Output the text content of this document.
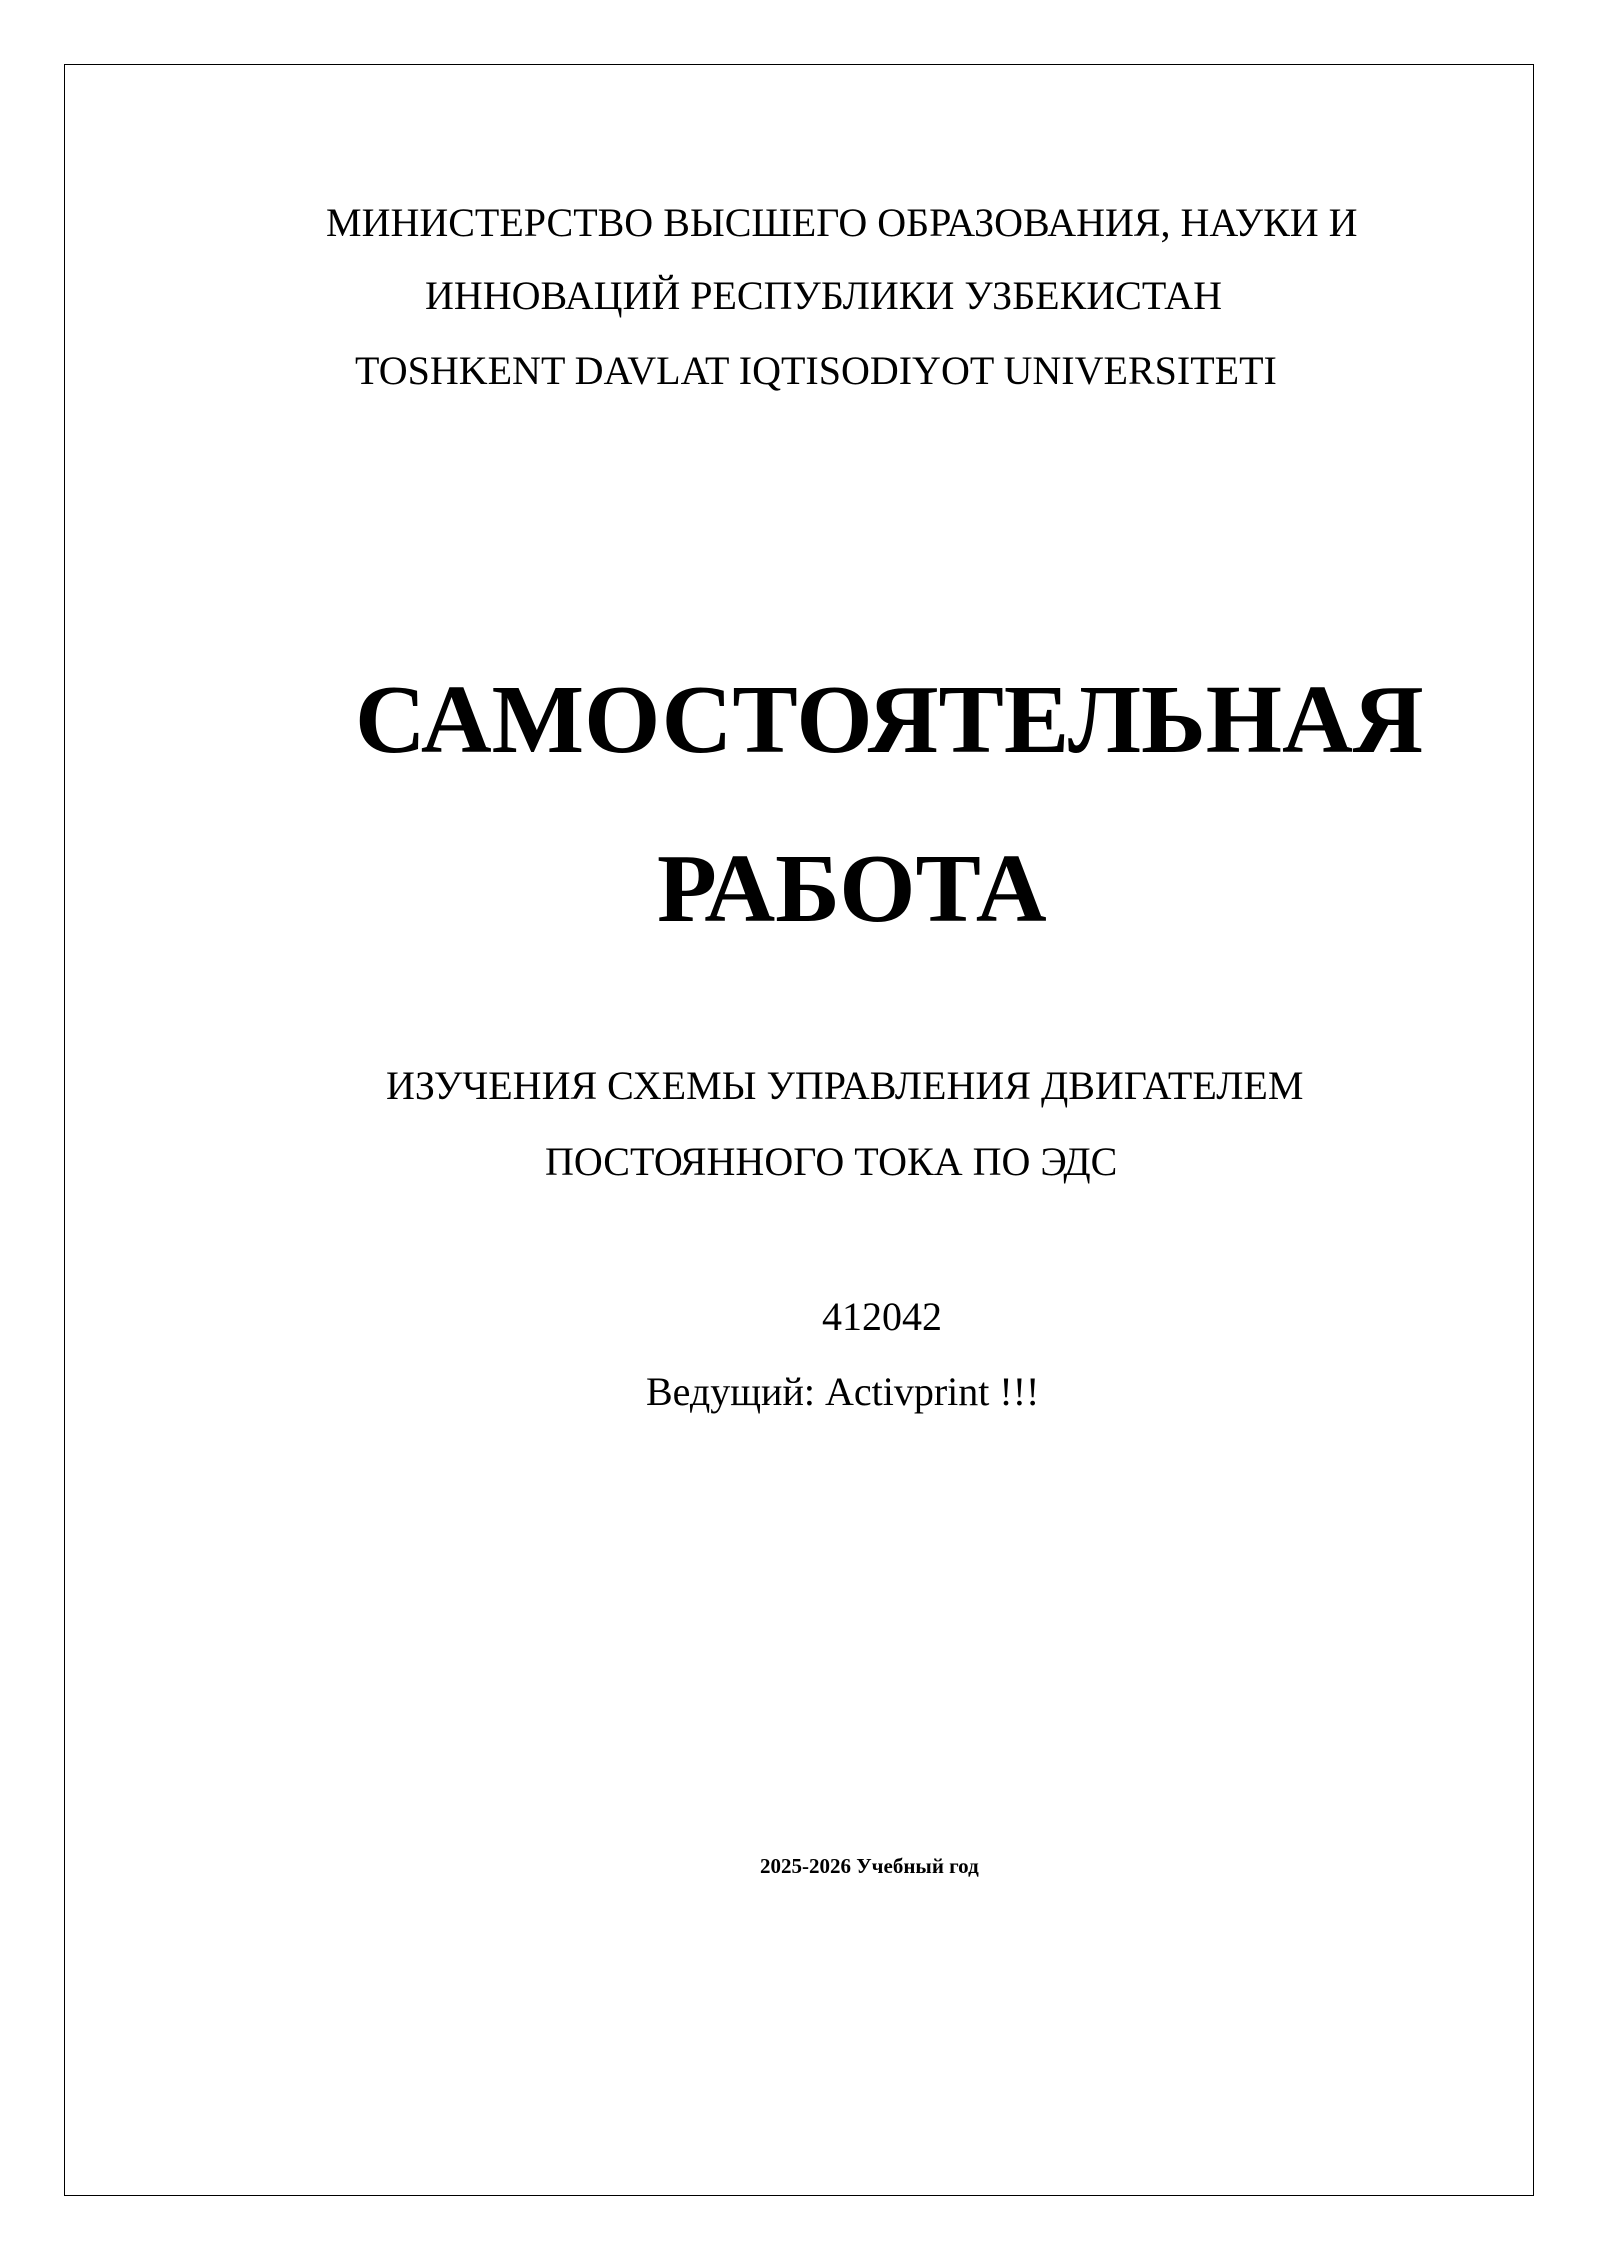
МИНИСТЕРСТВО ВЫСШЕГО ОБРАЗОВАНИЯ, НАУКИ И
ИННОВАЦИЙ РЕСПУБЛИКИ УЗБЕКИСТАН
TOSHKENT DAVLAT IQTISODIYOT UNIVERSITETI
САМОСТОЯТЕЛЬНАЯ
РАБОТА
ИЗУЧЕНИЯ СХЕМЫ УПРАВЛЕНИЯ ДВИГАТЕЛЕМ
ПОСТОЯННОГО ТОКА ПО ЭДС
412042
Ведущий: Activprint !!!
2025-2026 Учебный год
